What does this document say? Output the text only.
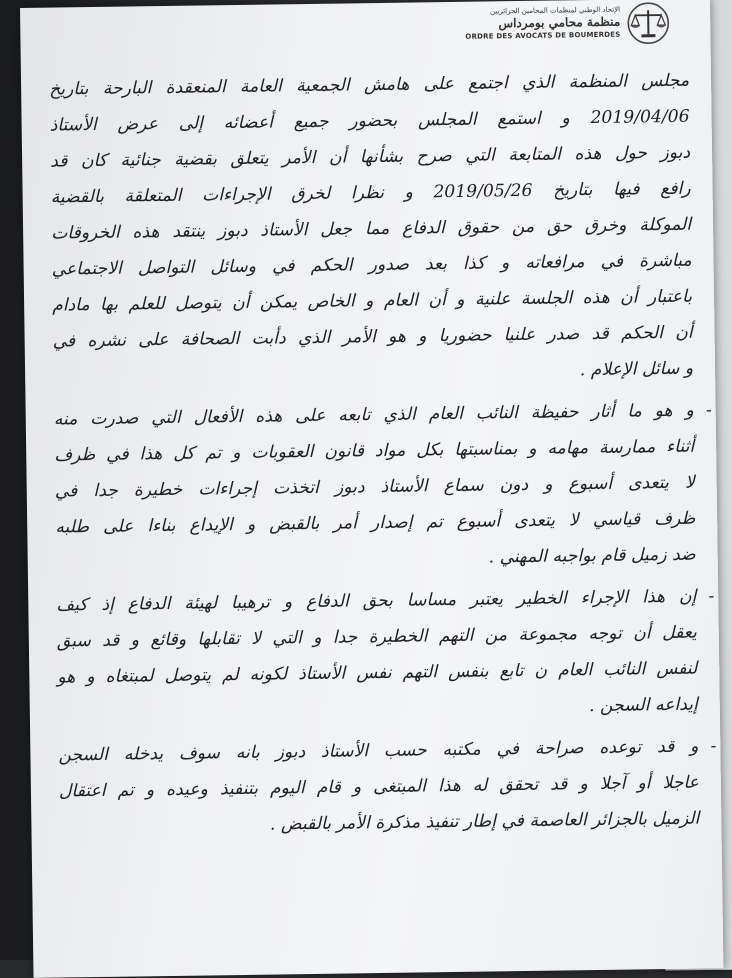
الإتحاد الوطني لمنظمات المحامين الجزائريين
منظمة محامي بومرداس
ORDRE DES AVOCATS DE BOUMERDES
مجلس المنظمة الذي اجتمع على هامش الجمعية العامة المنعقدة البارحة بتاريخ
2019/04/06 و استمع المجلس بحضور جميع أعضائه إلى عرض الأستاذ
دبوز حول هذه المتابعة التي صرح بشأنها أن الأمر يتعلق بقضية جنائية كان قد
رافع فيها بتاريخ 2019/05/26 و نظرا لخرق الإجراءات المتعلقة بالقضية
الموكلة وخرق حق من حقوق الدفاع مما جعل الأستاذ دبوز ينتقد هذه الخروقات
مباشرة في مرافعاته و كذا بعد صدور الحكم في وسائل التواصل الاجتماعي
باعتبار أن هذه الجلسة علنية و أن العام و الخاص يمكن أن يتوصل للعلم بها مادام
أن الحكم قد صدر علنيا حضوريا و هو الأمر الذي دأبت الصحافة على نشره في
و سائل الإعلام .
-
و هو ما أثار حفيظة النائب العام الذي تابعه على هذه الأفعال التي صدرت منه
أثناء ممارسة مهامه و بمناسبتها بكل مواد قانون العقوبات و تم كل هذا في ظرف
لا يتعدى أسبوع و دون سماع الأستاذ دبوز اتخذت إجراءات خطيرة جدا في
ظرف قياسي لا يتعدى أسبوع تم إصدار أمر بالقبض و الإيداع بناءا على طلبه
ضد زميل قام بواجبه المهني .
-
إن هذا الإجراء الخطير يعتبر مساسا بحق الدفاع و ترهيبا لهيئة الدفاع إذ كيف
يعقل أن توجه مجموعة من التهم الخطيرة جدا و التي لا تقابلها وقائع و قد سبق
لنفس النائب العام ن تابع بنفس التهم نفس الأستاذ لكونه لم يتوصل لمبتغاه و هو
إيداعه السجن .
-
و قد توعده صراحة في مكتبه حسب الأستاذ دبوز بانه سوف يدخله السجن
عاجلا أو آجلا و قد تحقق له هذا المبتغى و قام اليوم بتنفيذ وعيده و تم اعتقال
الزميل بالجزائر العاصمة في إطار تنفيذ مذكرة الأمر بالقبض .
